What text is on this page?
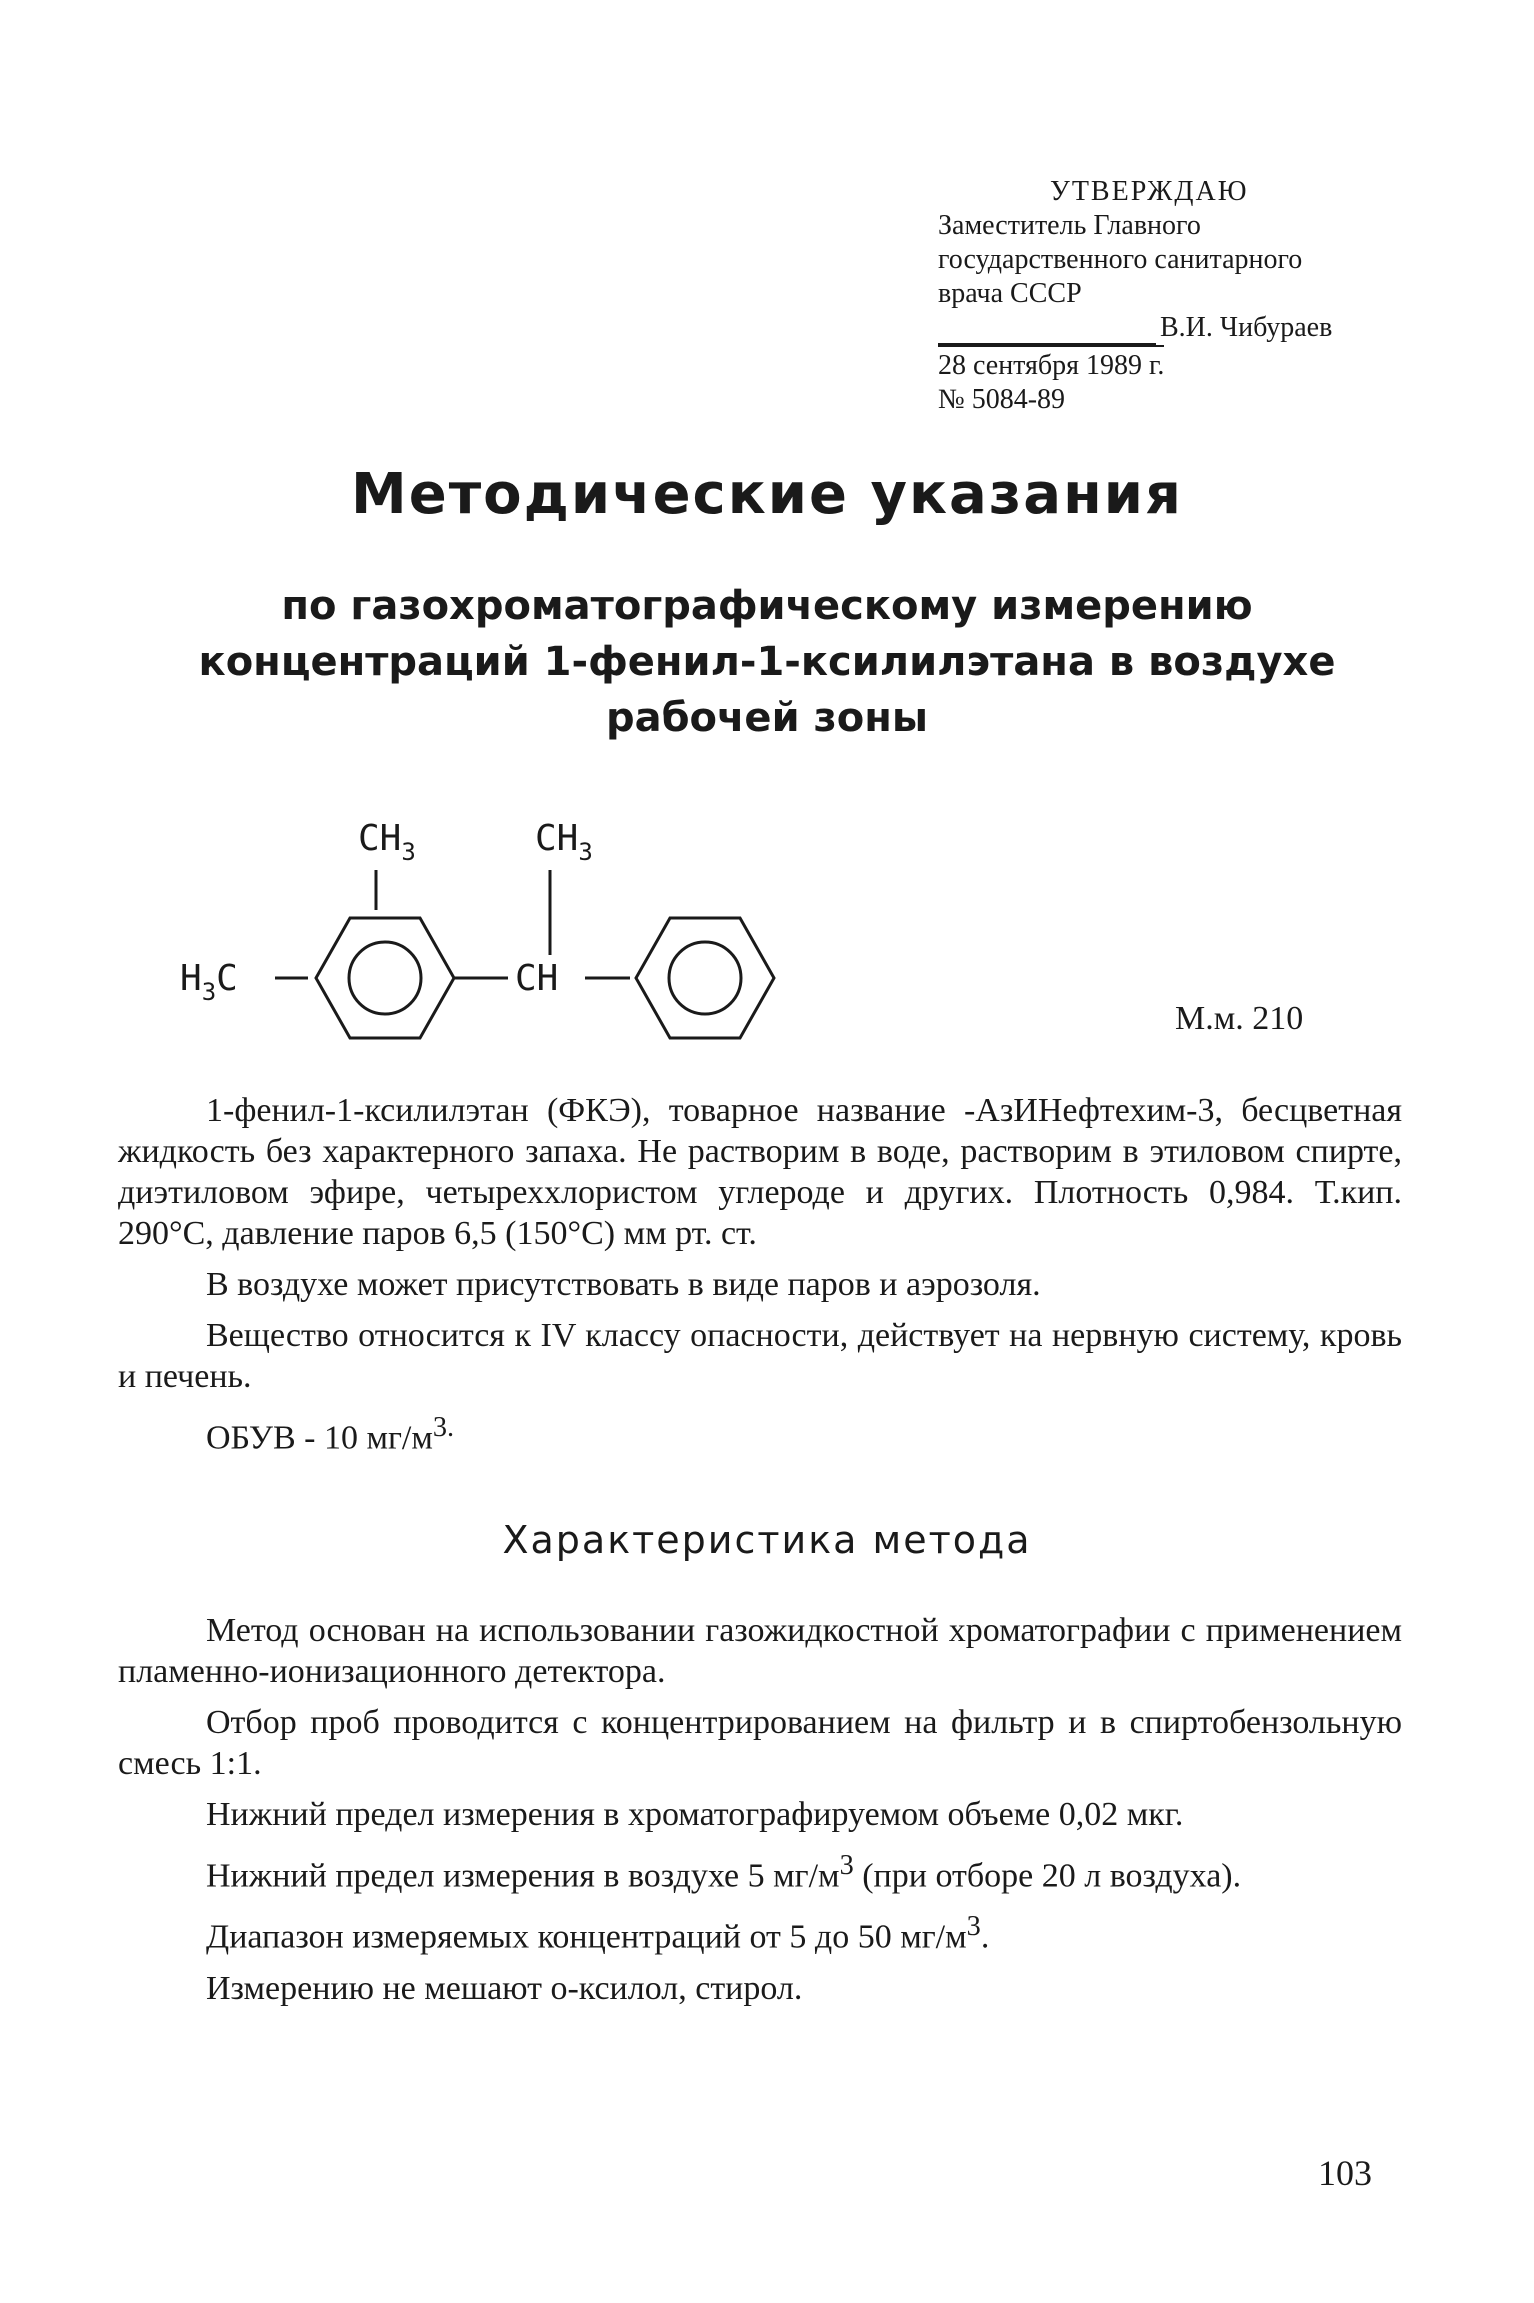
УТВЕРЖДАЮ
Заместитель Главного
государственного санитарного
врача СССР
В.И. Чибураев
28 сентября 1989 г.
№ 5084-89
Методические указания
по газохроматографическому измерению
концентраций 1-фенил-1-ксилилэтана в воздухе
рабочей зоны
$CH_3$	$CH_3$
$H_3C$	CH
М.м. 210

1-фенил-1-ксилилэтан (ФКЭ), товарное название -АзИНефтехим-3, бесцветная жидкость без характерного запаха. Не растворим в воде, растворим в этиловом спирте, диэтиловом эфире, четыреххлористом углероде и других. Плотность 0,984. Т.кип. 290°С, давление паров 6,5 (150°С) мм рт. ст.

В воздухе может присутствовать в виде паров и аэрозоля.

Вещество относится к IV классу опасности, действует на нервную систему, кровь и печень.

ОБУВ - 10 $мг/м^{3.}$

Характеристика метода

Метод основан на использовании газожидкостной хроматографии с применением пламенно-ионизационного детектора.

Отбор проб проводится с концентрированием на фильтр и в спиртобензольную смесь 1:1.

Нижний предел измерения в хроматографируемом объеме 0,02 мкг.

Нижний предел измерения в воздухе 5 $мг/м^3$ (при отборе 20 л воздуха).

Диапазон измеряемых концентраций от 5 до 50 $мг/м^3$.

Измерению не мешают о-ксилол, стирол.

103
